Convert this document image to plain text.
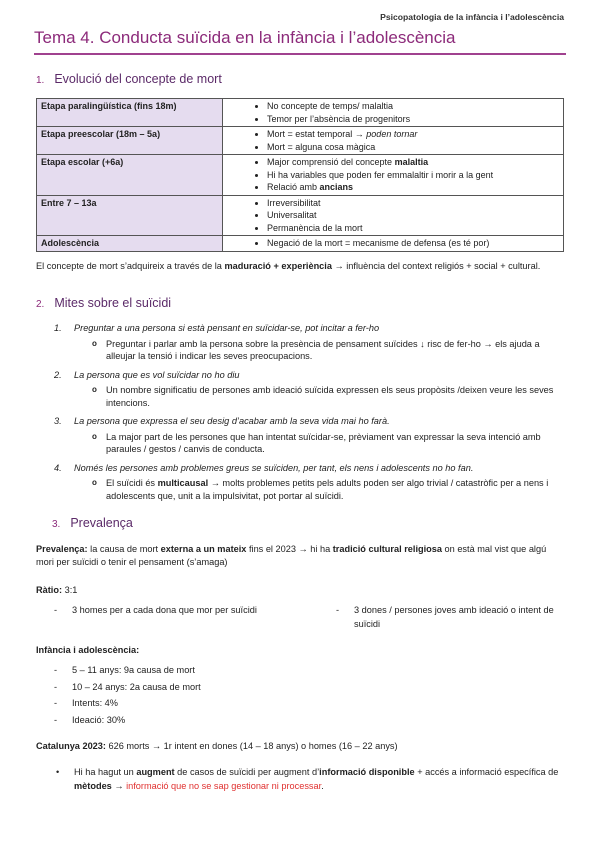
Psicopatologia de la infància i l’adolescència
Tema 4. Conducta suïcida en la infància i l’adolescència
1. Evolució del concepte de mort
Etapa paralingüística (fins 18m)	
•No concepte de temps/ malaltia
• Temor per l’absència de progenitors

Etapa preescolar (18m – 5a)	
•Mort = estat temporal → poden tornar
• Mort = alguna cosa màgica

Etapa escolar (+6a)	
•Major comprensió del concepte malaltia
• Hi ha variables que poden fer emmalaltir i morir a la gent
• Relació amb ancians

Entre 7 – 13a	
•Irreversibilitat
• Universalitat
• Permanència de la mort

Adolescència	
•Negació de la mort = mecanisme de defensa (es té por)

El concepte de mort s’adquireix a través de la maduració + experiència → influència del context religiós + social + cultural.

2. Mites sobre el suïcidi
1. Preguntar a una persona si està pensant en suïcidar-se, pot incitar a fer-ho
o Preguntar i parlar amb la persona sobre la presència de pensament suïcides ↓ risc de fer-ho → els ajuda a alleujar la tensió i indicar les seves preocupacions.
2. La persona que es vol suïcidar no ho diu
o Un nombre significatiu de persones amb ideació suïcida expressen els seus propòsits /deixen veure les seves intencions.
3. La persona que expressa el seu desig d’acabar amb la seva vida mai ho farà.
o La major part de les persones que han intentat suïcidar-se, prèviament van expressar la seva intenció amb paraules / gestos / canvis de conducta.
4. Només les persones amb problemes greus se suïciden, per tant, els nens i adolescents no ho fan.
o El suïcidi és multicausal → molts problemes petits pels adults poden ser algo trivial / catastròfic per a nens i adolescents que, unit a la impulsivitat, pot portar al suïcidi.
3. Prevalença

Prevalença: la causa de mort externa a un mateix fins el 2023 → hi ha tradició cultural religiosa on està mal vist que algú mori per suïcidi o tenir el pensament (s’amaga)

Ràtio: 3:1

- 3 homes per a cada dona que mor per suïcidi
-	3 dones / persones joves amb ideació o intent de suïcidi

Infància i adolescència:

- 5 – 11 anys: 9a causa de mort
- 10 – 24 anys: 2a causa de mort
- Intents: 4%
- Ideació: 30%

Catalunya 2023: 626 morts → 1r intent en dones (14 – 18 anys) o homes (16 – 22 anys)

• Hi ha hagut un augment de casos de suïcidi per augment d’informació disponible + accés a informació específica de mètodes → informació que no se sap gestionar ni processar.
